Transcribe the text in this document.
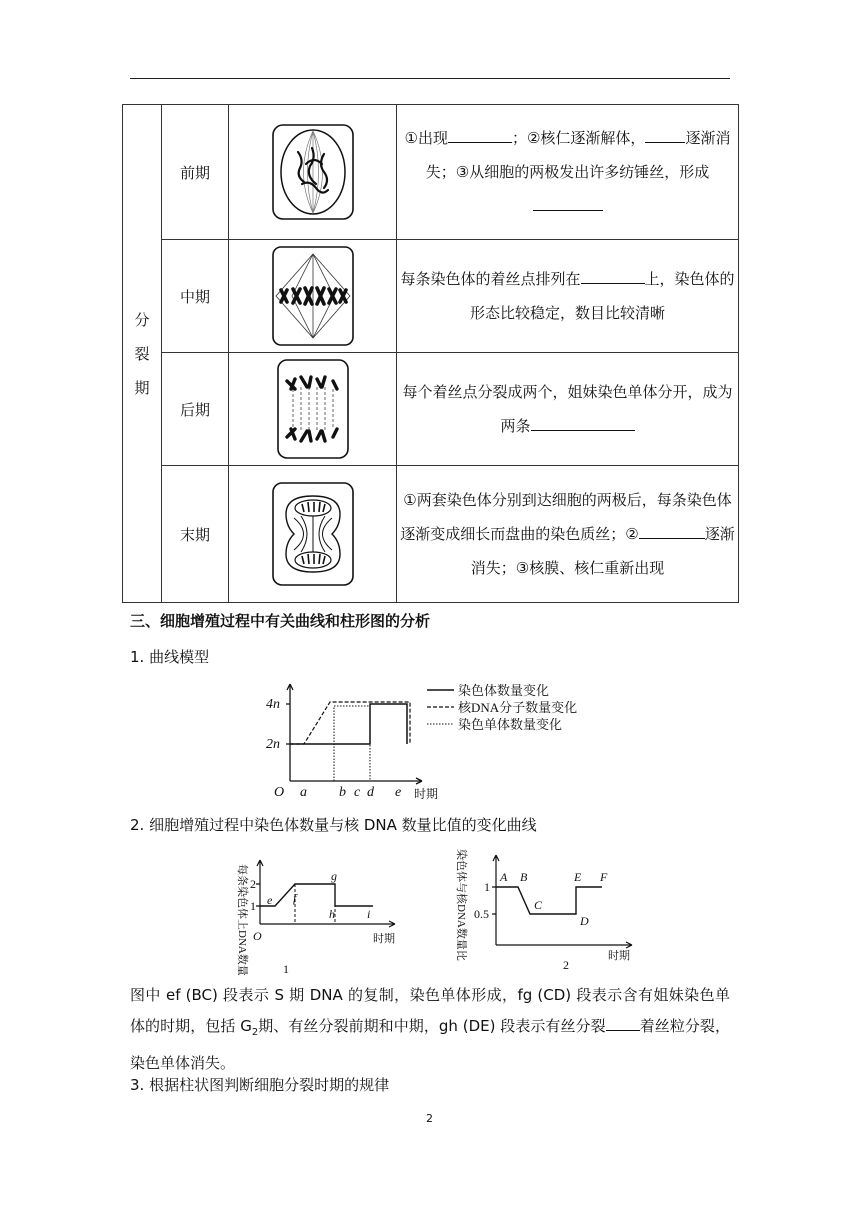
分
裂
期	前期		①出现 ；②核仁逐渐解体， 逐渐消失；③从细胞的两极发出许多纺锤丝，形成
	中期		每条染色体的着丝点排列在 上，染色体的形态比较稳定，数目比较清晰
	后期		每个着丝点分裂成两个，姐妹染色单体分开，成为两条
	末期		①两套染色体分别到达细胞的两极后，每条染色体逐渐变成细长而盘曲的染色质丝；② 逐渐消失；③核膜、核仁重新出现
三、细胞增殖过程中有关曲线和柱形图的分析
1. 曲线模型
4n
2n
O a b c d e 时期
染色体数量变化
核DNA分子数量变化
染色单体数量变化
2. 细胞增殖过程中染色体数量与核 DNA 数量比值的变化曲线
每条染色体上DNA数量 2
1
O
e f
g
h	i
1
时期	染色体与核DNA数量比 1
0.5
A B
C
D
E F
2
时期
图中 ef (BC) 段表示 S 期 DNA 的复制，染色单体形成，fg (CD) 段表示含有姐妹染色单体的时期，包括 $G_2$期、有丝分裂前期和中期，gh (DE) 段表示有丝分裂 着丝粒分裂，染色单体消失。
3. 根据柱状图判断细胞分裂时期的规律
2
